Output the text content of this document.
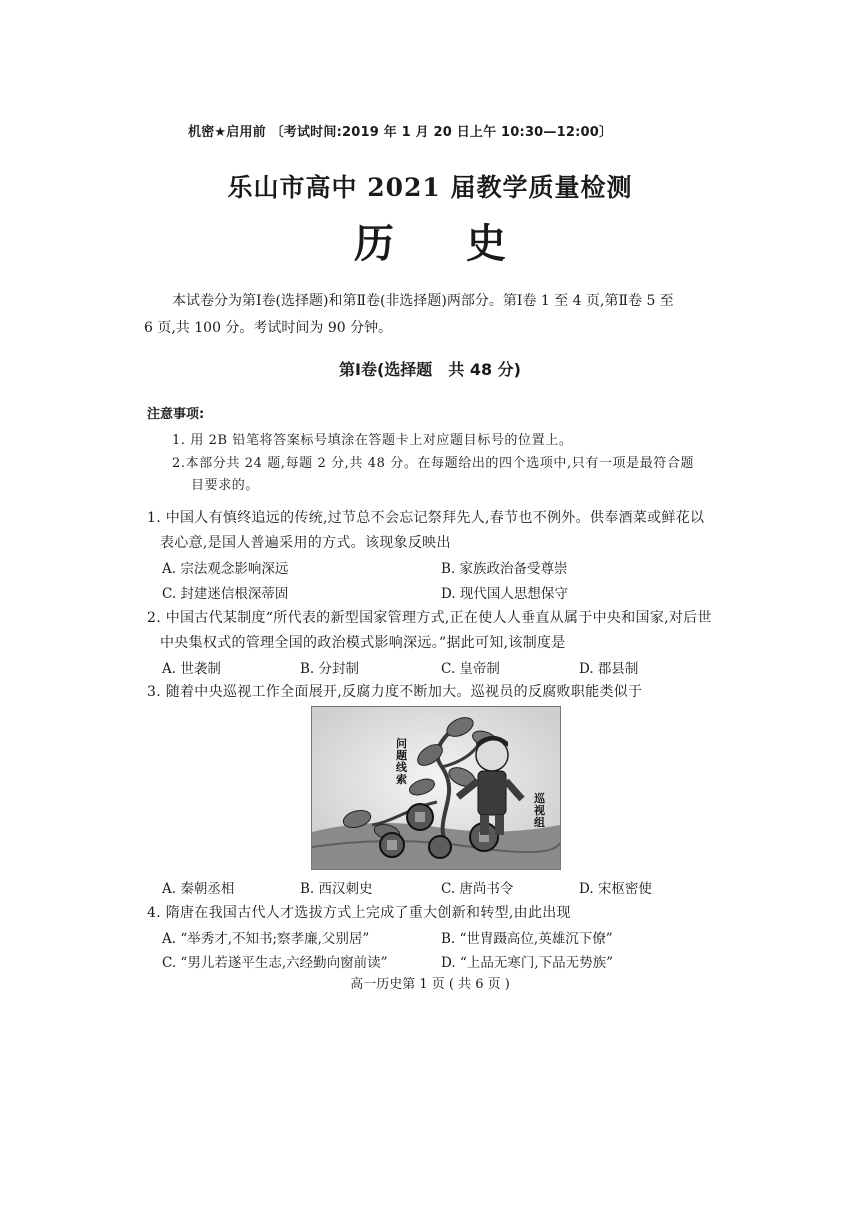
机密★启用前 〔考试时间:2019 年 1 月 20 日上午 10:30—12:00〕
乐山市高中 2021 届教学质量检测
历史
本试卷分为第Ⅰ卷(选择题)和第Ⅱ卷(非选择题)两部分。第Ⅰ卷 1 至 4 页,第Ⅱ卷 5 至
6 页,共 100 分。考试时间为 90 分钟。
第Ⅰ卷(选择题　共 48 分)
注意事项:
1. 用 2B 铅笔将答案标号填涂在答题卡上对应题目标号的位置上。
2.本部分共 24 题,每题 2 分,共 48 分。在每题给出的四个选项中,只有一项是最符合题
目要求的。
1. 中国人有慎终追远的传统,过节总不会忘记祭拜先人,春节也不例外。供奉酒菜或鲜花以
表心意,是国人普遍采用的方式。该现象反映出
A. 宗法观念影响深远	B. 家族政治备受尊崇
C. 封建迷信根深蒂固	D. 现代国人思想保守
2. 中国古代某制度“所代表的新型国家管理方式,正在使人人垂直从属于中央和国家,对后世
中央集权式的管理全国的政治模式影响深远。”据此可知,该制度是
A. 世袭制	B. 分封制	C. 皇帝制	D. 郡县制
3. 随着中央巡视工作全面展开,反腐力度不断加大。巡视员的反腐败职能类似于
问 题 线 索
巡 视 组
A. 秦朝丞相	B. 西汉刺史	C. 唐尚书令	D. 宋枢密使
4. 隋唐在我国古代人才选拔方式上完成了重大创新和转型,由此出现
A. “举秀才,不知书;察孝廉,父别居”	B. “世胄蹑高位,英雄沉下僚”
C. “男儿若遂平生志,六经勤向窗前读”	D. “上品无寒门,下品无势族”
高一历史第 1 页 ( 共 6 页 )
